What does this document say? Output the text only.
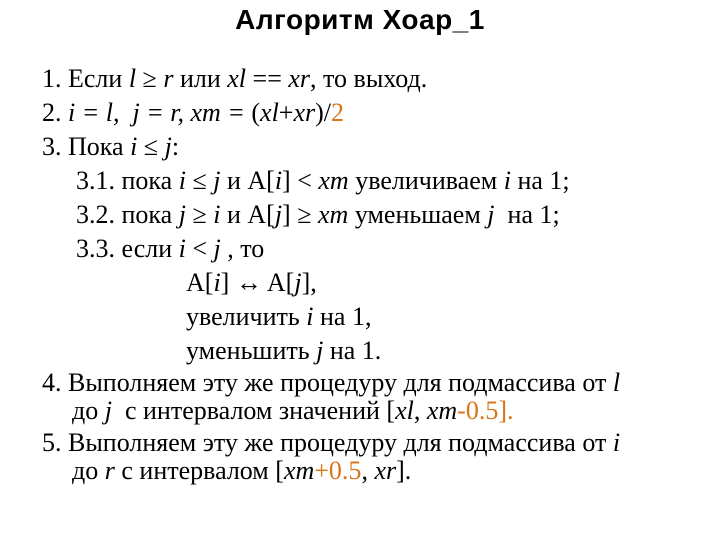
Алгоритм Хоар_1
1. Если l ≥ r или xl == xr, то выход.
2. i = l,  j = r, xm = (xl+xr)/2
3. Пока i ≤ j:
3.1. пока i ≤ j и A[i] < xm увеличиваем i на 1;
3.2. пока j ≥ i и A[j] ≥ xm уменьшаем j  на 1;
3.3. если i < j , то
A[i] ↔ A[j],
увеличить i на 1,
уменьшить j на 1.
4. Выполняем эту же процедуру для подмассива от l
до j  с интервалом значений [xl, xm-0.5].
5. Выполняем эту же процедуру для подмассива от i
до r с интервалом [xm+0.5, xr].
